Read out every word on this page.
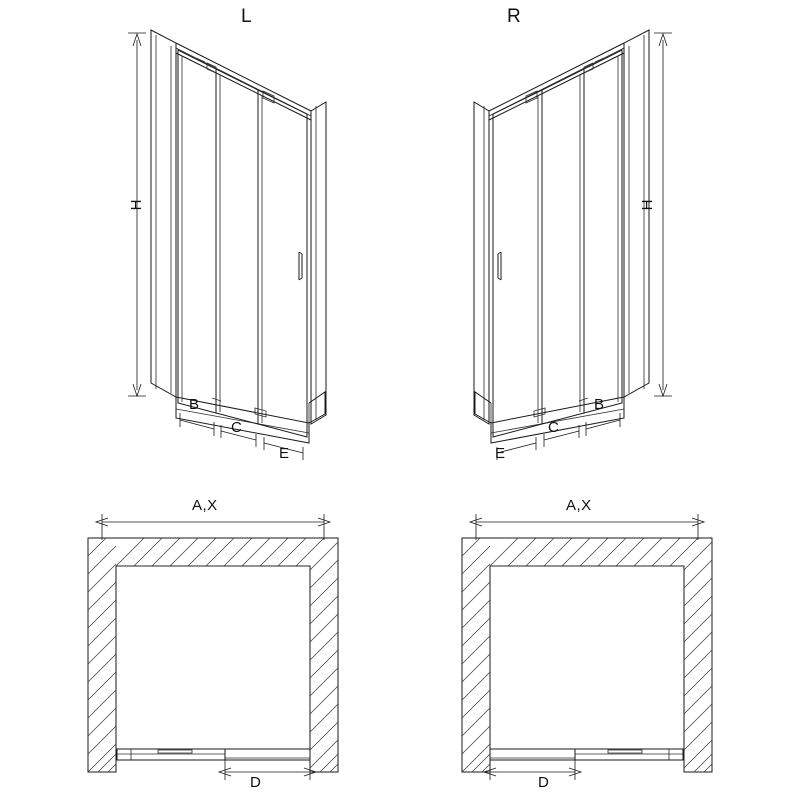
L	R
H	H
B
C
E	E
C
B
A,X	A,X
D	D
